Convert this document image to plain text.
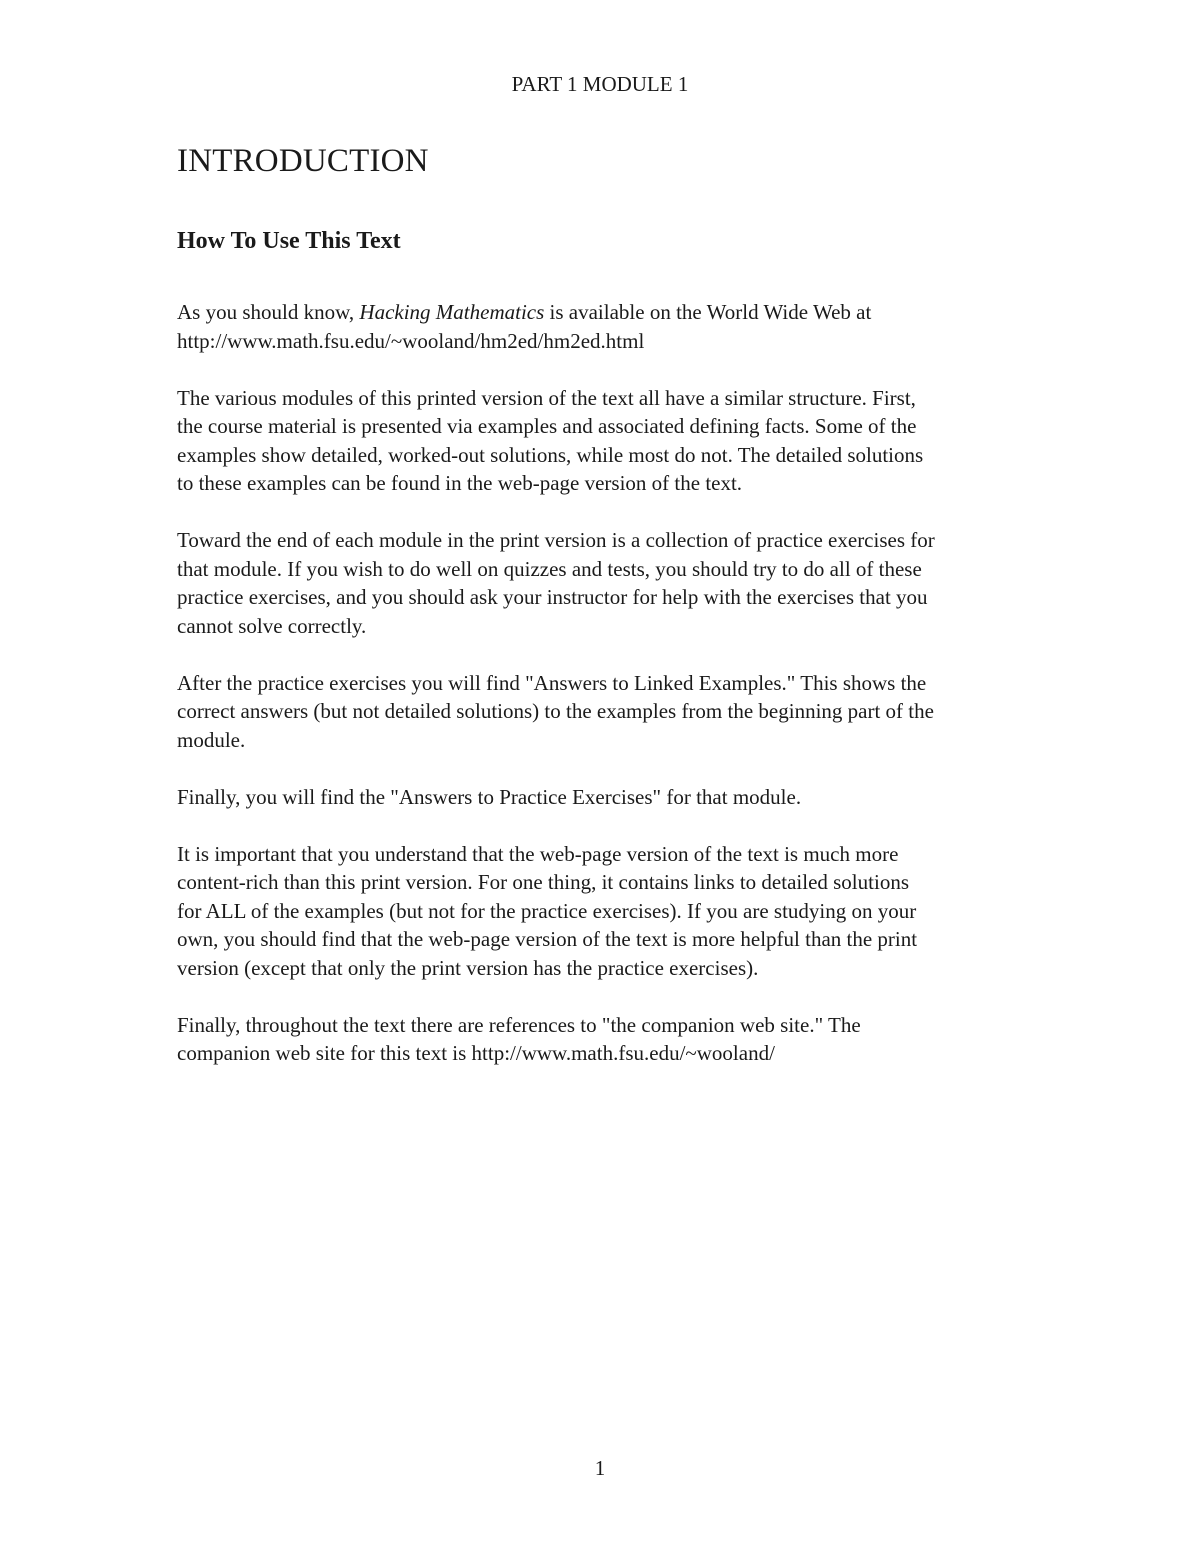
PART 1 MODULE 1
INTRODUCTION
How To Use This Text

As you should know, Hacking Mathematics is available on the World Wide Web at
http://www.math.fsu.edu/~wooland/hm2ed/hm2ed.html

The various modules of this printed version of the text all have a similar structure. First,
the course material is presented via examples and associated defining facts. Some of the
examples show detailed, worked-out solutions, while most do not. The detailed solutions
to these examples can be found in the web-page version of the text.

Toward the end of each module in the print version is a collection of practice exercises for
that module. If you wish to do well on quizzes and tests, you should try to do all of these
practice exercises, and you should ask your instructor for help with the exercises that you
cannot solve correctly.

After the practice exercises you will find "Answers to Linked Examples." This shows the
correct answers (but not detailed solutions) to the examples from the beginning part of the
module.

Finally, you will find the "Answers to Practice Exercises" for that module.

It is important that you understand that the web-page version of the text is much more
content-rich than this print version. For one thing, it contains links to detailed solutions
for ALL of the examples (but not for the practice exercises). If you are studying on your
own, you should find that the web-page version of the text is more helpful than the print
version (except that only the print version has the practice exercises).

Finally, throughout the text there are references to "the companion web site." The
companion web site for this text is http://www.math.fsu.edu/~wooland/

1
